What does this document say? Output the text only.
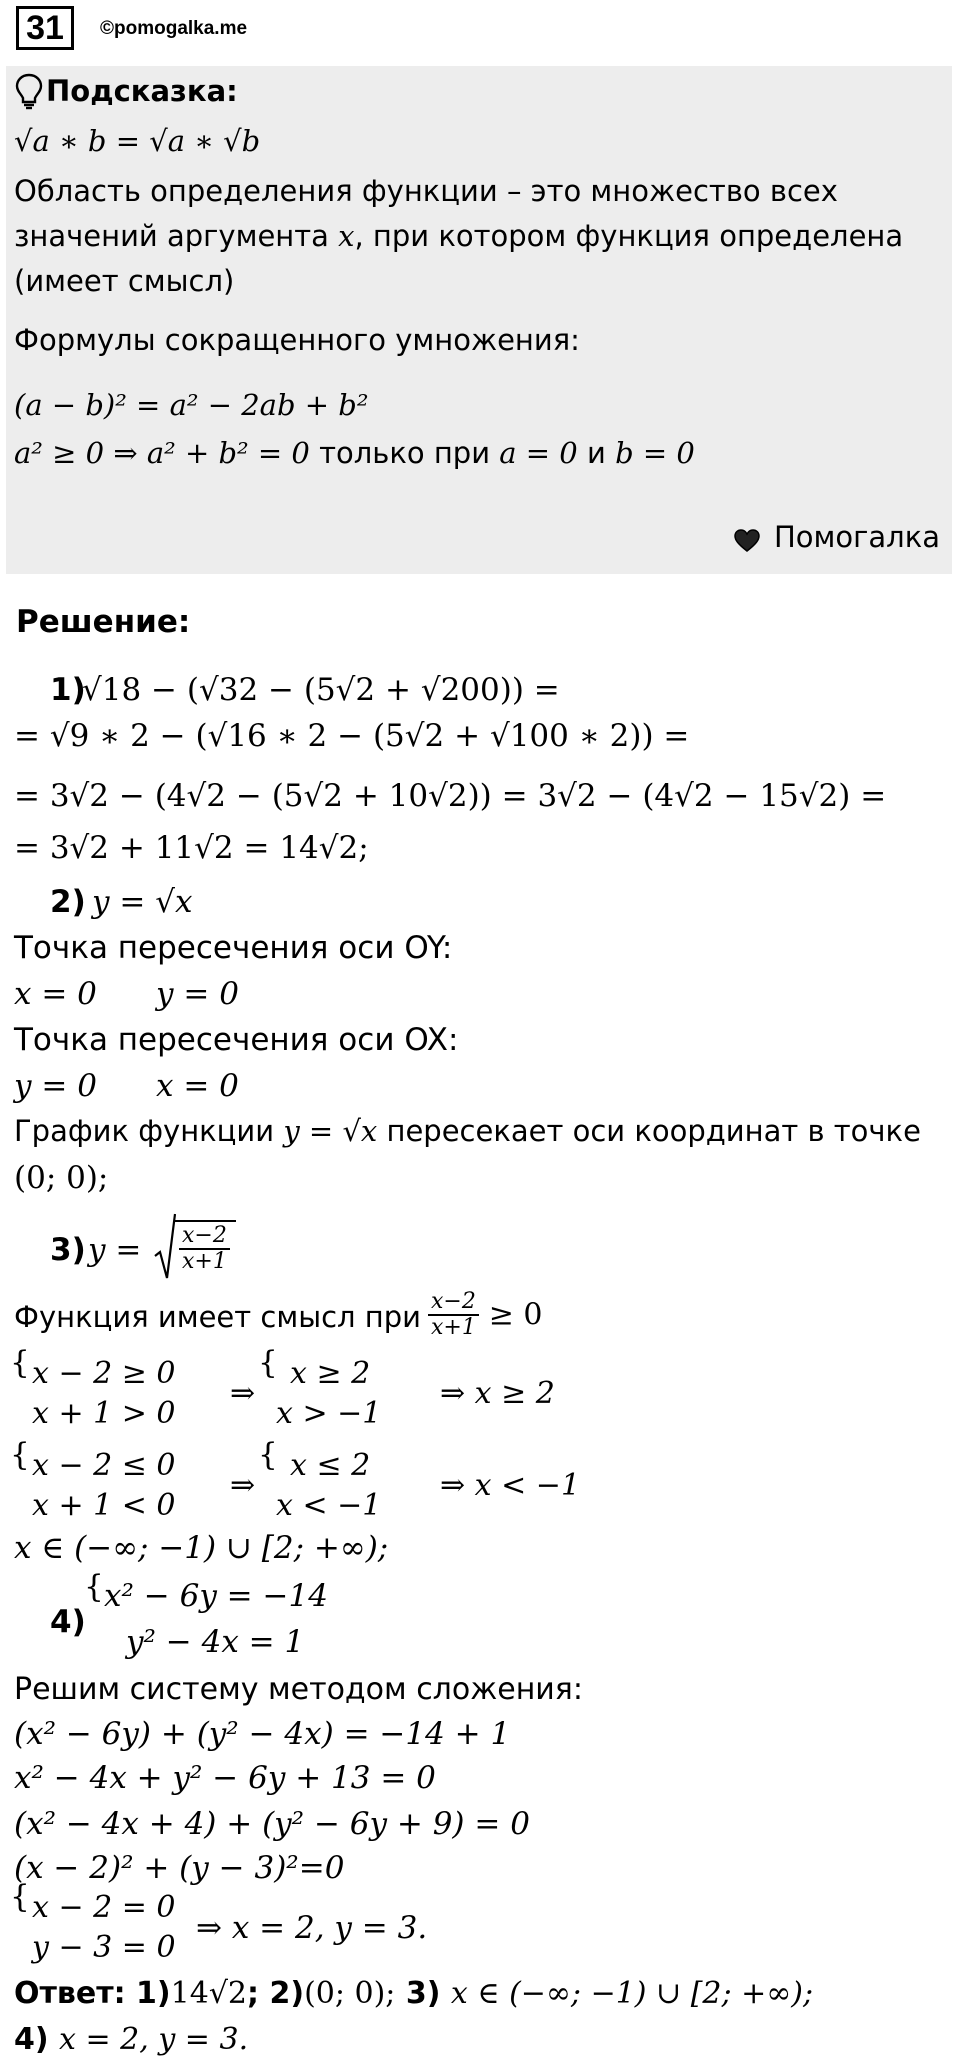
31	©pomogalka.me
Подсказка:
√a ∗ b = √a ∗ √b
Область определения функции – это множество всех
значений аргумента x, при котором функция определена
(имеет смысл)
Формулы сокращенного умножения:
(a − b)² = a² − 2ab + b²
a² ≥ 0 ⇒ a² + b² = 0 только при a = 0 и b = 0
Помогалка
Решение:
1)
√18 − (√32 − (5√2 + √200)) =
= √9 ∗ 2 − (√16 ∗ 2 − (5√2 + √100 ∗ 2)) =
= 3√2 − (4√2 − (5√2 + 10√2)) = 3√2 − (4√2 − 15√2) =
= 3√2 + 11√2 = 14√2;
2) y = √x
Точка пересечения оси OY:
x = 0 y = 0
Точка пересечения оси OX:
y = 0 x = 0
График функции y = √x пересекает оси координат в точке
(0; 0);
3) $y = \frac{x-2}{x+1}$
Функция имеет смысл при $\frac{x-2}{x+1} \ge 0$
{ x − 2 ≥ 0
x + 1 > 0
⇒
{ x ≥ 2
x > −1
⇒ x ≥ 2
{ x − 2 ≤ 0
x + 1 < 0
⇒
{ x ≤ 2
x < −1
⇒ x < −1
x ∈ (−∞; −1) ∪ [2; +∞);
4)
{ x² − 6y = −14
y² − 4x = 1
Решим систему методом сложения:
(x² − 6y) + (y² − 4x) = −14 + 1
x² − 4x + y² − 6y + 13 = 0
(x² − 4x + 4) + (y² − 6y + 9) = 0
(x − 2)² + (y − 3)²=0
{ x − 2 = 0
y − 3 = 0
⇒ x = 2, y = 3.
Ответ: 1)14√2; 2)(0; 0); 3) x ∈ (−∞; −1) ∪ [2; +∞);
4) x = 2, y = 3.
